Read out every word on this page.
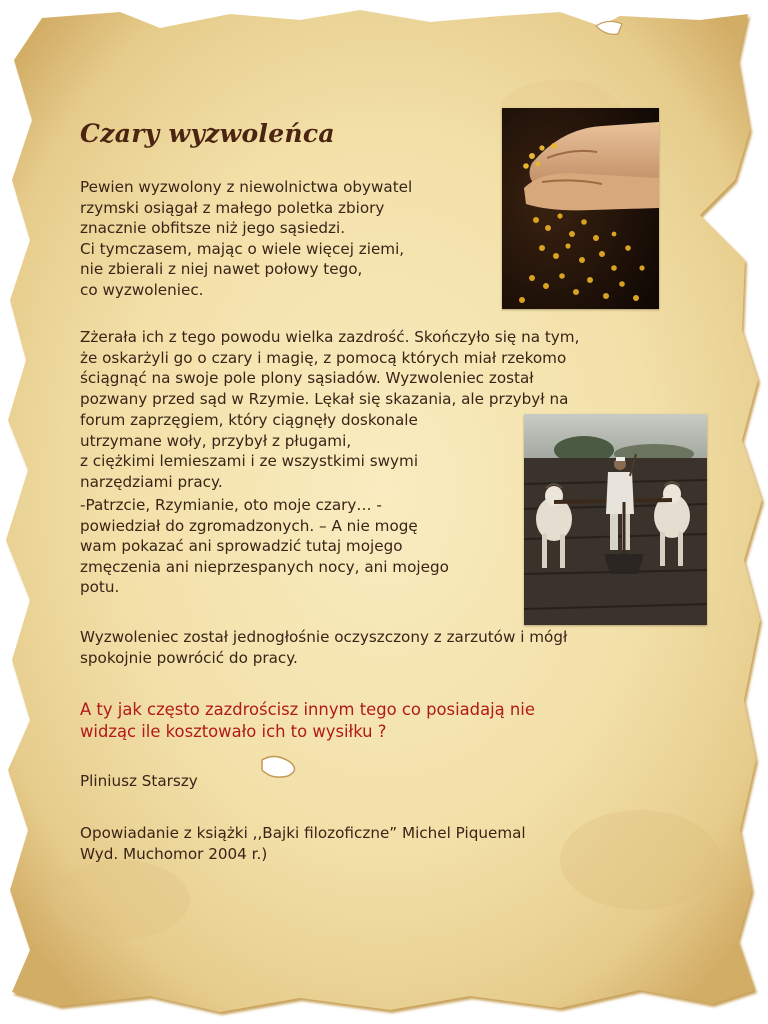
Czary wyzwoleńca

Pewien wyzwolony z niewolnictwa obywatel
rzymski osiągał z małego poletka zbiory
znacznie obfitsze niż jego sąsiedzi.
Ci tymczasem, mając o wiele więcej ziemi,
nie zbierali z niej nawet połowy tego,
co wyzwoleniec.

Zżerała ich z tego powodu wielka zazdrość. Skończyło się na tym,
że oskarżyli go o czary i magię, z pomocą których miał rzekomo
ściągnąć na swoje pole plony sąsiadów. Wyzwoleniec został
pozwany przed sąd w Rzymie. Lękał się skazania, ale przybył na

forum zaprzęgiem, który ciągnęły doskonale
utrzymane woły, przybył z pługami,
z ciężkimi lemieszami i ze wszystkimi swymi
narzędziami pracy.

-Patrzcie, Rzymianie, oto moje czary… -
powiedział do zgromadzonych. – A nie mogę
wam pokazać ani sprowadzić tutaj mojego
zmęczenia ani nieprzespanych nocy, ani mojego
potu.

Wyzwoleniec został jednogłośnie oczyszczony z zarzutów i mógł
spokojnie powrócić do pracy.

A ty jak często zazdrościsz innym tego co posiadają nie
widząc ile kosztowało ich to wysiłku ?

Pliniusz Starszy

Opowiadanie z książki ,,Bajki filozoficzne” Michel Piquemal
Wyd. Muchomor 2004 r.)
